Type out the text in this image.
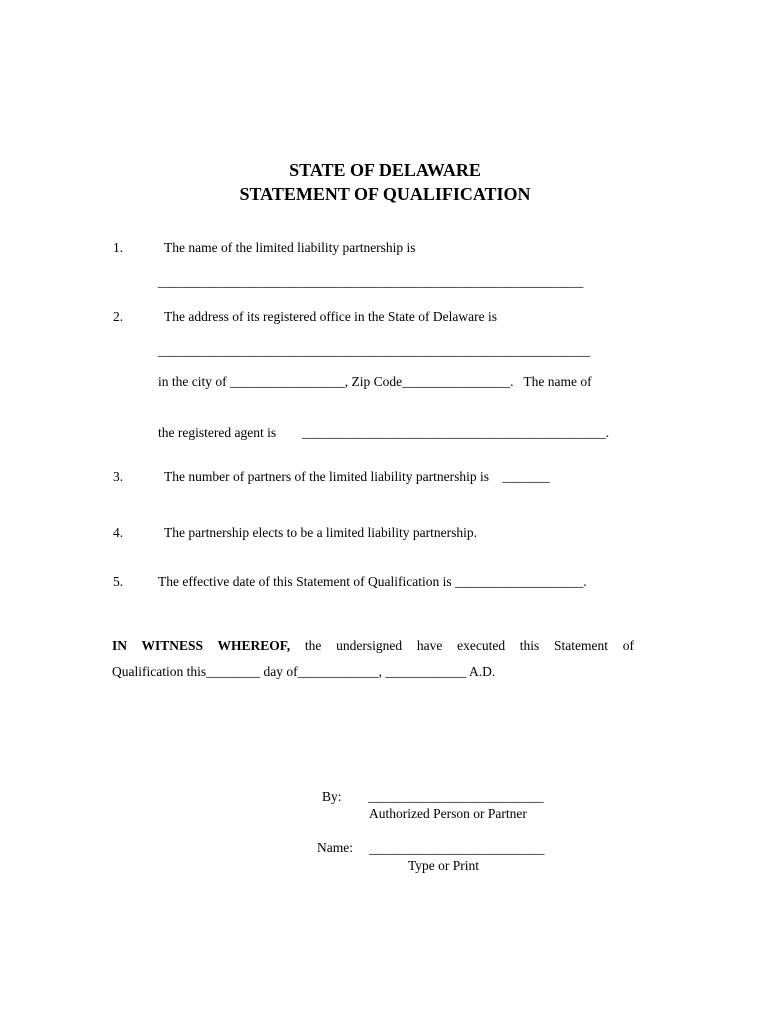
STATE OF DELAWARE
STATEMENT OF QUALIFICATION
1.	The name of the limited liability partnership is
_______________________________________________________________
2.	The address of its registered office in the State of Delaware is
________________________________________________________________
in the city of _________________, Zip Code________________.   The name of
the registered agent is _____________________________________________.
3.	The number of partners of the limited liability partnership is    _______
4.	The partnership elects to be a limited liability partnership.
5.	The effective date of this Statement of Qualification is ___________________.
IN WITNESS WHEREOF, the undersigned have executed this Statement of
Qualification this________ day of____________, ____________ A.D.
By: __________________________
Authorized Person or Partner
Name: __________________________
Type or Print
